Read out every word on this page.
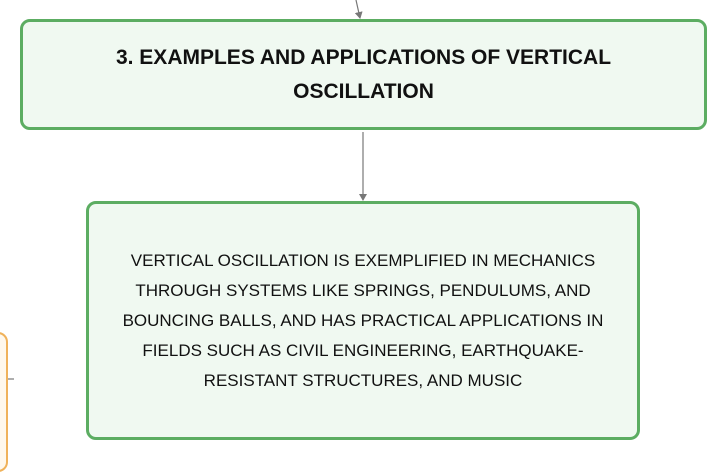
3. EXAMPLES AND APPLICATIONS OF VERTICAL OSCILLATION
VERTICAL OSCILLATION IS EXEMPLIFIED IN MECHANICS THROUGH SYSTEMS LIKE SPRINGS, PENDULUMS, AND BOUNCING BALLS, AND HAS PRACTICAL APPLICATIONS IN FIELDS SUCH AS CIVIL ENGINEERING, EARTHQUAKE-RESISTANT STRUCTURES, AND MUSIC
